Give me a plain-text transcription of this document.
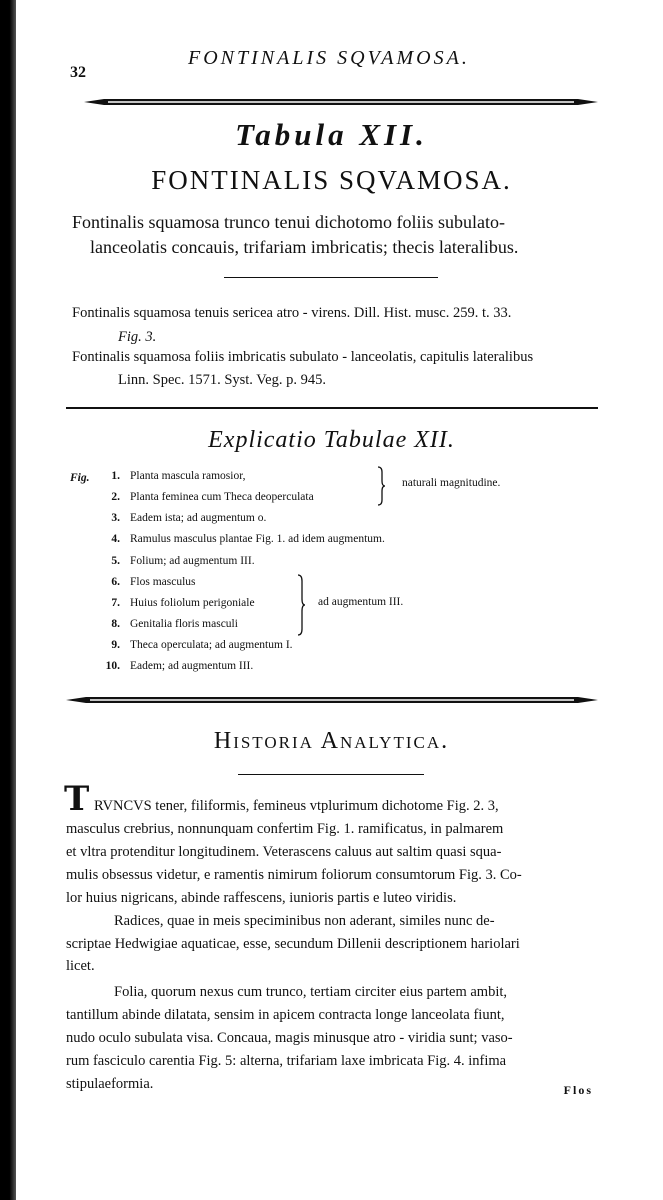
32
FONTINALIS SQVAMOSA.
Tabula XII.
FONTINALIS SQVAMOSA.
Fontinalis squamosa trunco tenui dichotomo foliis subulato-
lanceolatis concauis, trifariam imbricatis; thecis lateralibus.
Fontinalis squamosa tenuis sericea atro - virens. Dill. Hist. musc. 259. t. 33.
Fig. 3.
Fontinalis squamosa foliis imbricatis subulato - lanceolatis, capitulis lateralibus
Linn. Spec. 1571. Syst. Veg. p. 945.
Explicatio Tabulae XII.
Fig.	1. Planta mascula ramosior,
2. Planta feminea cum Theca deoperculata
3. Eadem ista; ad augmentum o.
4. Ramulus masculus plantae Fig. 1. ad idem augmentum.
5. Folium; ad augmentum III.
6. Flos masculus
7. Huius foliolum perigoniale
8. Genitalia floris masculi
9. Theca operculata; ad augmentum I.
10. Eadem; ad augmentum III.
naturali magnitudine.
ad augmentum III.
Historia Analytica.
T RVNCVS tener, filiformis, femineus vtplurimum dichotome Fig. 2. 3,
masculus crebrius, nonnunquam confertim Fig. 1. ramificatus, in palmarem
et vltra protenditur longitudinem. Veterascens caluus aut saltim quasi squa-
mulis obsessus videtur, e ramentis nimirum foliorum consumtorum Fig. 3. Co-
lor huius nigricans, abinde raffescens, iunioris partis e luteo viridis.
Radices, quae in meis speciminibus non aderant, similes nunc de-
scriptae Hedwigiae aquaticae, esse, secundum Dillenii descriptionem hariolari
licet.
Folia, quorum nexus cum trunco, tertiam circiter eius partem ambit,
tantillum abinde dilatata, sensim in apicem contracta longe lanceolata fiunt,
nudo oculo subulata visa. Concaua, magis minusque atro - viridia sunt; vaso-
rum fasciculo carentia Fig. 5: alterna, trifariam laxe imbricata Fig. 4. infima
stipulaeformia.	Flos
